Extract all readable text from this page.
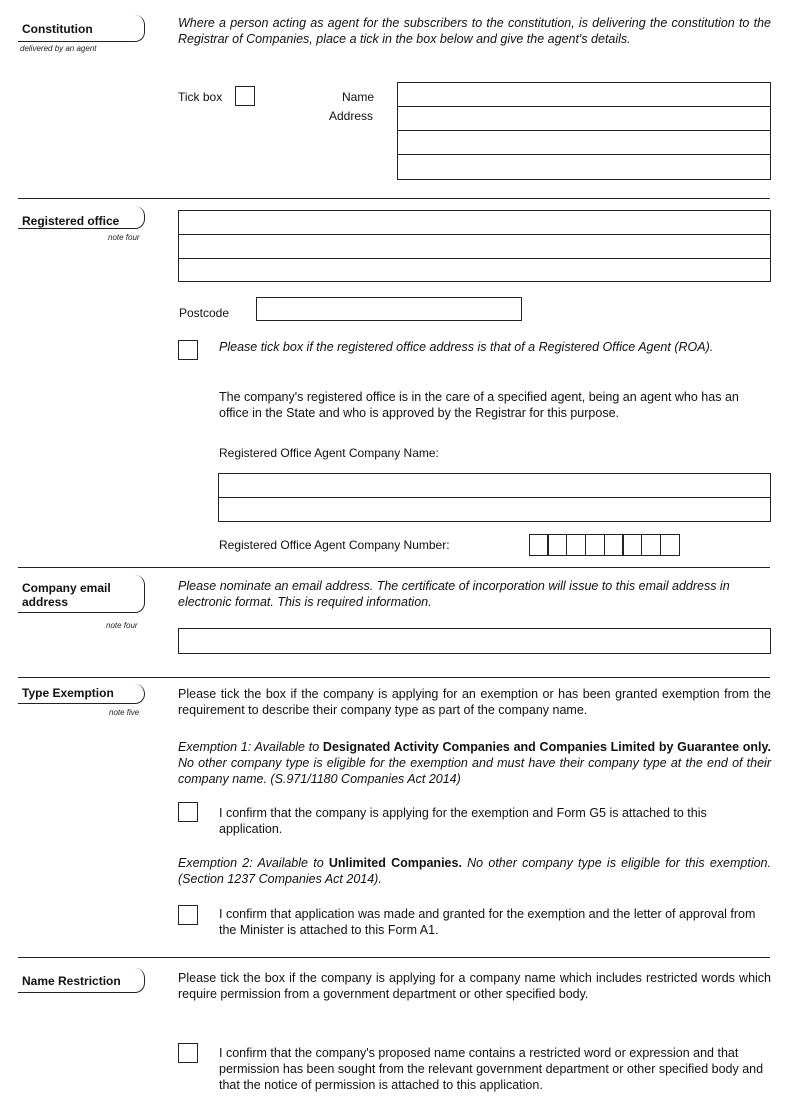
Constitution
delivered by an agent
Where a person acting as agent for the subscribers to the constitution, is delivering the constitution to the Registrar of Companies, place a tick in the box below and give the agent's details.
Tick box	Name
Address
Registered office
note four
Postcode
Please tick box if the registered office address is that of a Registered Office Agent (ROA).
The company's registered office is in the care of a specified agent, being an agent who has an office in the State and who is approved by the Registrar for this purpose.
Registered Office Agent Company Name:
Registered Office Agent Company Number:
Company email
address
note four
Please nominate an email address. The certificate of incorporation will issue to this email address in electronic format. This is required information.
Type Exemption
note five
Please tick the box if the company is applying for an exemption or has been granted exemption from the requirement to describe their company type as part of the company name.
Exemption 1: Available to Designated Activity Companies and Companies Limited by Guarantee only. No other company type is eligible for the exemption and must have their company type at the end of their company name. (S.971/1180 Companies Act 2014)
I confirm that the company is applying for the exemption and Form G5 is attached to this application.
Exemption 2: Available to Unlimited Companies. No other company type is eligible for this exemption. (Section 1237 Companies Act 2014).
I confirm that application was made and granted for the exemption and the letter of approval from the Minister is attached to this Form A1.
Name Restriction	Please tick the box if the company is applying for a company name which includes restricted words which require permission from a government department or other specified body.
I confirm that the company's proposed name contains a restricted word or expression and that permission has been sought from the relevant government department or other specified body and that the notice of permission is attached to this application.
